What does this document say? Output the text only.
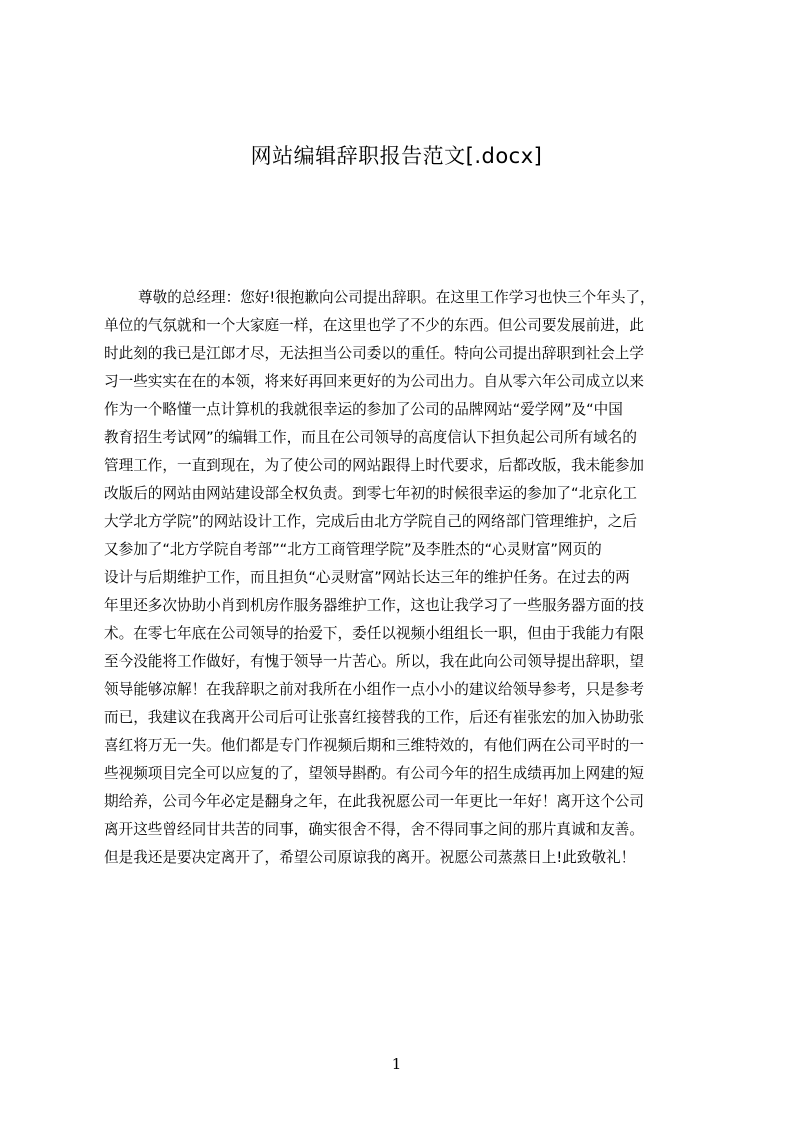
网站编辑辞职报告范文[.docx]
尊敬的总经理：您好!很抱歉向公司提出辞职。在这里工作学习也快三个年头了，
单位的气氛就和一个大家庭一样，在这里也学了不少的东西。但公司要发展前进，此
时此刻的我已是江郎才尽，无法担当公司委以的重任。特向公司提出辞职到社会上学
习一些实实在在的本领，将来好再回来更好的为公司出力。自从零六年公司成立以来
作为一个略懂一点计算机的我就很幸运的参加了公司的品牌网站“爱学网”及“中国
教育招生考试网”的编辑工作，而且在公司领导的高度信认下担负起公司所有域名的
管理工作，一直到现在，为了使公司的网站跟得上时代要求，后都改版，我未能参加
改版后的网站由网站建设部全权负责。到零七年初的时候很幸运的参加了“北京化工
大学北方学院”的网站设计工作，完成后由北方学院自己的网络部门管理维护，之后
又参加了“北方学院自考部”“北方工商管理学院”及李胜杰的“心灵财富”网页的
设计与后期维护工作，而且担负“心灵财富”网站长达三年的维护任务。在过去的两
年里还多次协助小肖到机房作服务器维护工作，这也让我学习了一些服务器方面的技
术。在零七年底在公司领导的抬爱下，委任以视频小组组长一职，但由于我能力有限
至今没能将工作做好，有愧于领导一片苦心。所以，我在此向公司领导提出辞职，望
领导能够凉解！在我辞职之前对我所在小组作一点小小的建议给领导参考，只是参考
而已，我建议在我离开公司后可让张喜红接替我的工作，后还有崔张宏的加入协助张
喜红将万无一失。他们都是专门作视频后期和三维特效的，有他们两在公司平时的一
些视频项目完全可以应复的了，望领导斟酌。有公司今年的招生成绩再加上网建的短
期给养，公司今年必定是翻身之年，在此我祝愿公司一年更比一年好！离开这个公司
离开这些曾经同甘共苦的同事，确实很舍不得，舍不得同事之间的那片真诚和友善。
但是我还是要决定离开了，希望公司原谅我的离开。祝愿公司蒸蒸日上!此致敬礼！
1
